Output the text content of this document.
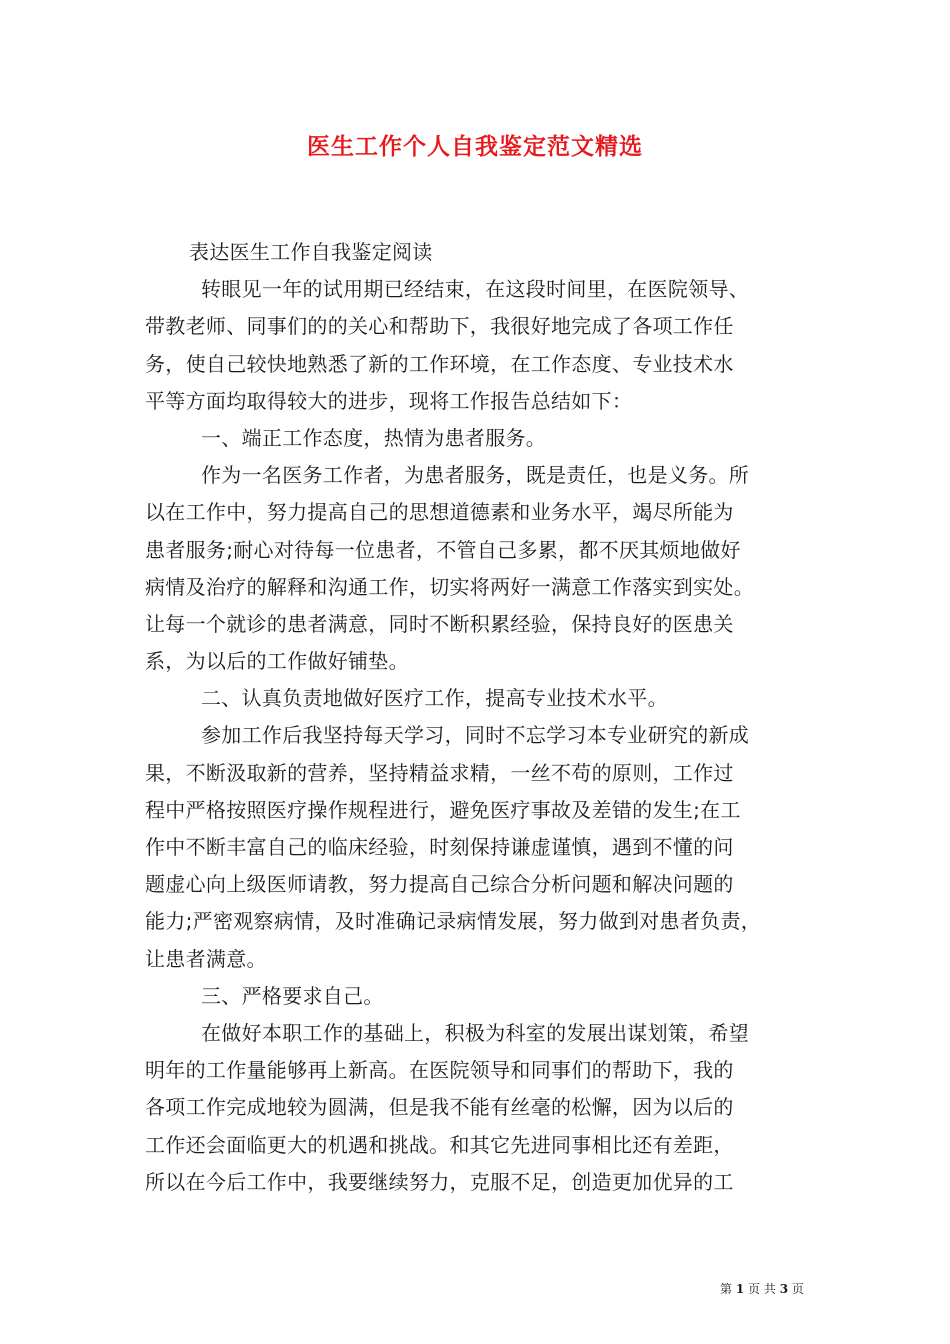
医生工作个人自我鉴定范文精选
表达医生工作自我鉴定阅读
转眼见一年的试用期已经结束，在这段时间里，在医院领导、
带教老师、同事们的的关心和帮助下，我很好地完成了各项工作任
务，使自己较快地熟悉了新的工作环境，在工作态度、专业技术水
平等方面均取得较大的进步，现将工作报告总结如下：
一、端正工作态度，热情为患者服务。
作为一名医务工作者，为患者服务，既是责任，也是义务。所
以在工作中，努力提高自己的思想道德素和业务水平，竭尽所能为
患者服务;耐心对待每一位患者，不管自己多累，都不厌其烦地做好
病情及治疗的解释和沟通工作，切实将两好一满意工作落实到实处。
让每一个就诊的患者满意，同时不断积累经验，保持良好的医患关
系，为以后的工作做好铺垫。
二、认真负责地做好医疗工作，提高专业技术水平。
参加工作后我坚持每天学习，同时不忘学习本专业研究的新成
果，不断汲取新的营养，坚持精益求精，一丝不苟的原则，工作过
程中严格按照医疗操作规程进行，避免医疗事故及差错的发生;在工
作中不断丰富自己的临床经验，时刻保持谦虚谨慎，遇到不懂的问
题虚心向上级医师请教，努力提高自己综合分析问题和解决问题的
能力;严密观察病情，及时准确记录病情发展，努力做到对患者负责，
让患者满意。
三、严格要求自己。
在做好本职工作的基础上，积极为科室的发展出谋划策，希望
明年的工作量能够再上新高。在医院领导和同事们的帮助下，我的
各项工作完成地较为圆满，但是我不能有丝毫的松懈，因为以后的
工作还会面临更大的机遇和挑战。和其它先进同事相比还有差距，
所以在今后工作中，我要继续努力，克服不足，创造更加优异的工
第 1 页 共 3 页
